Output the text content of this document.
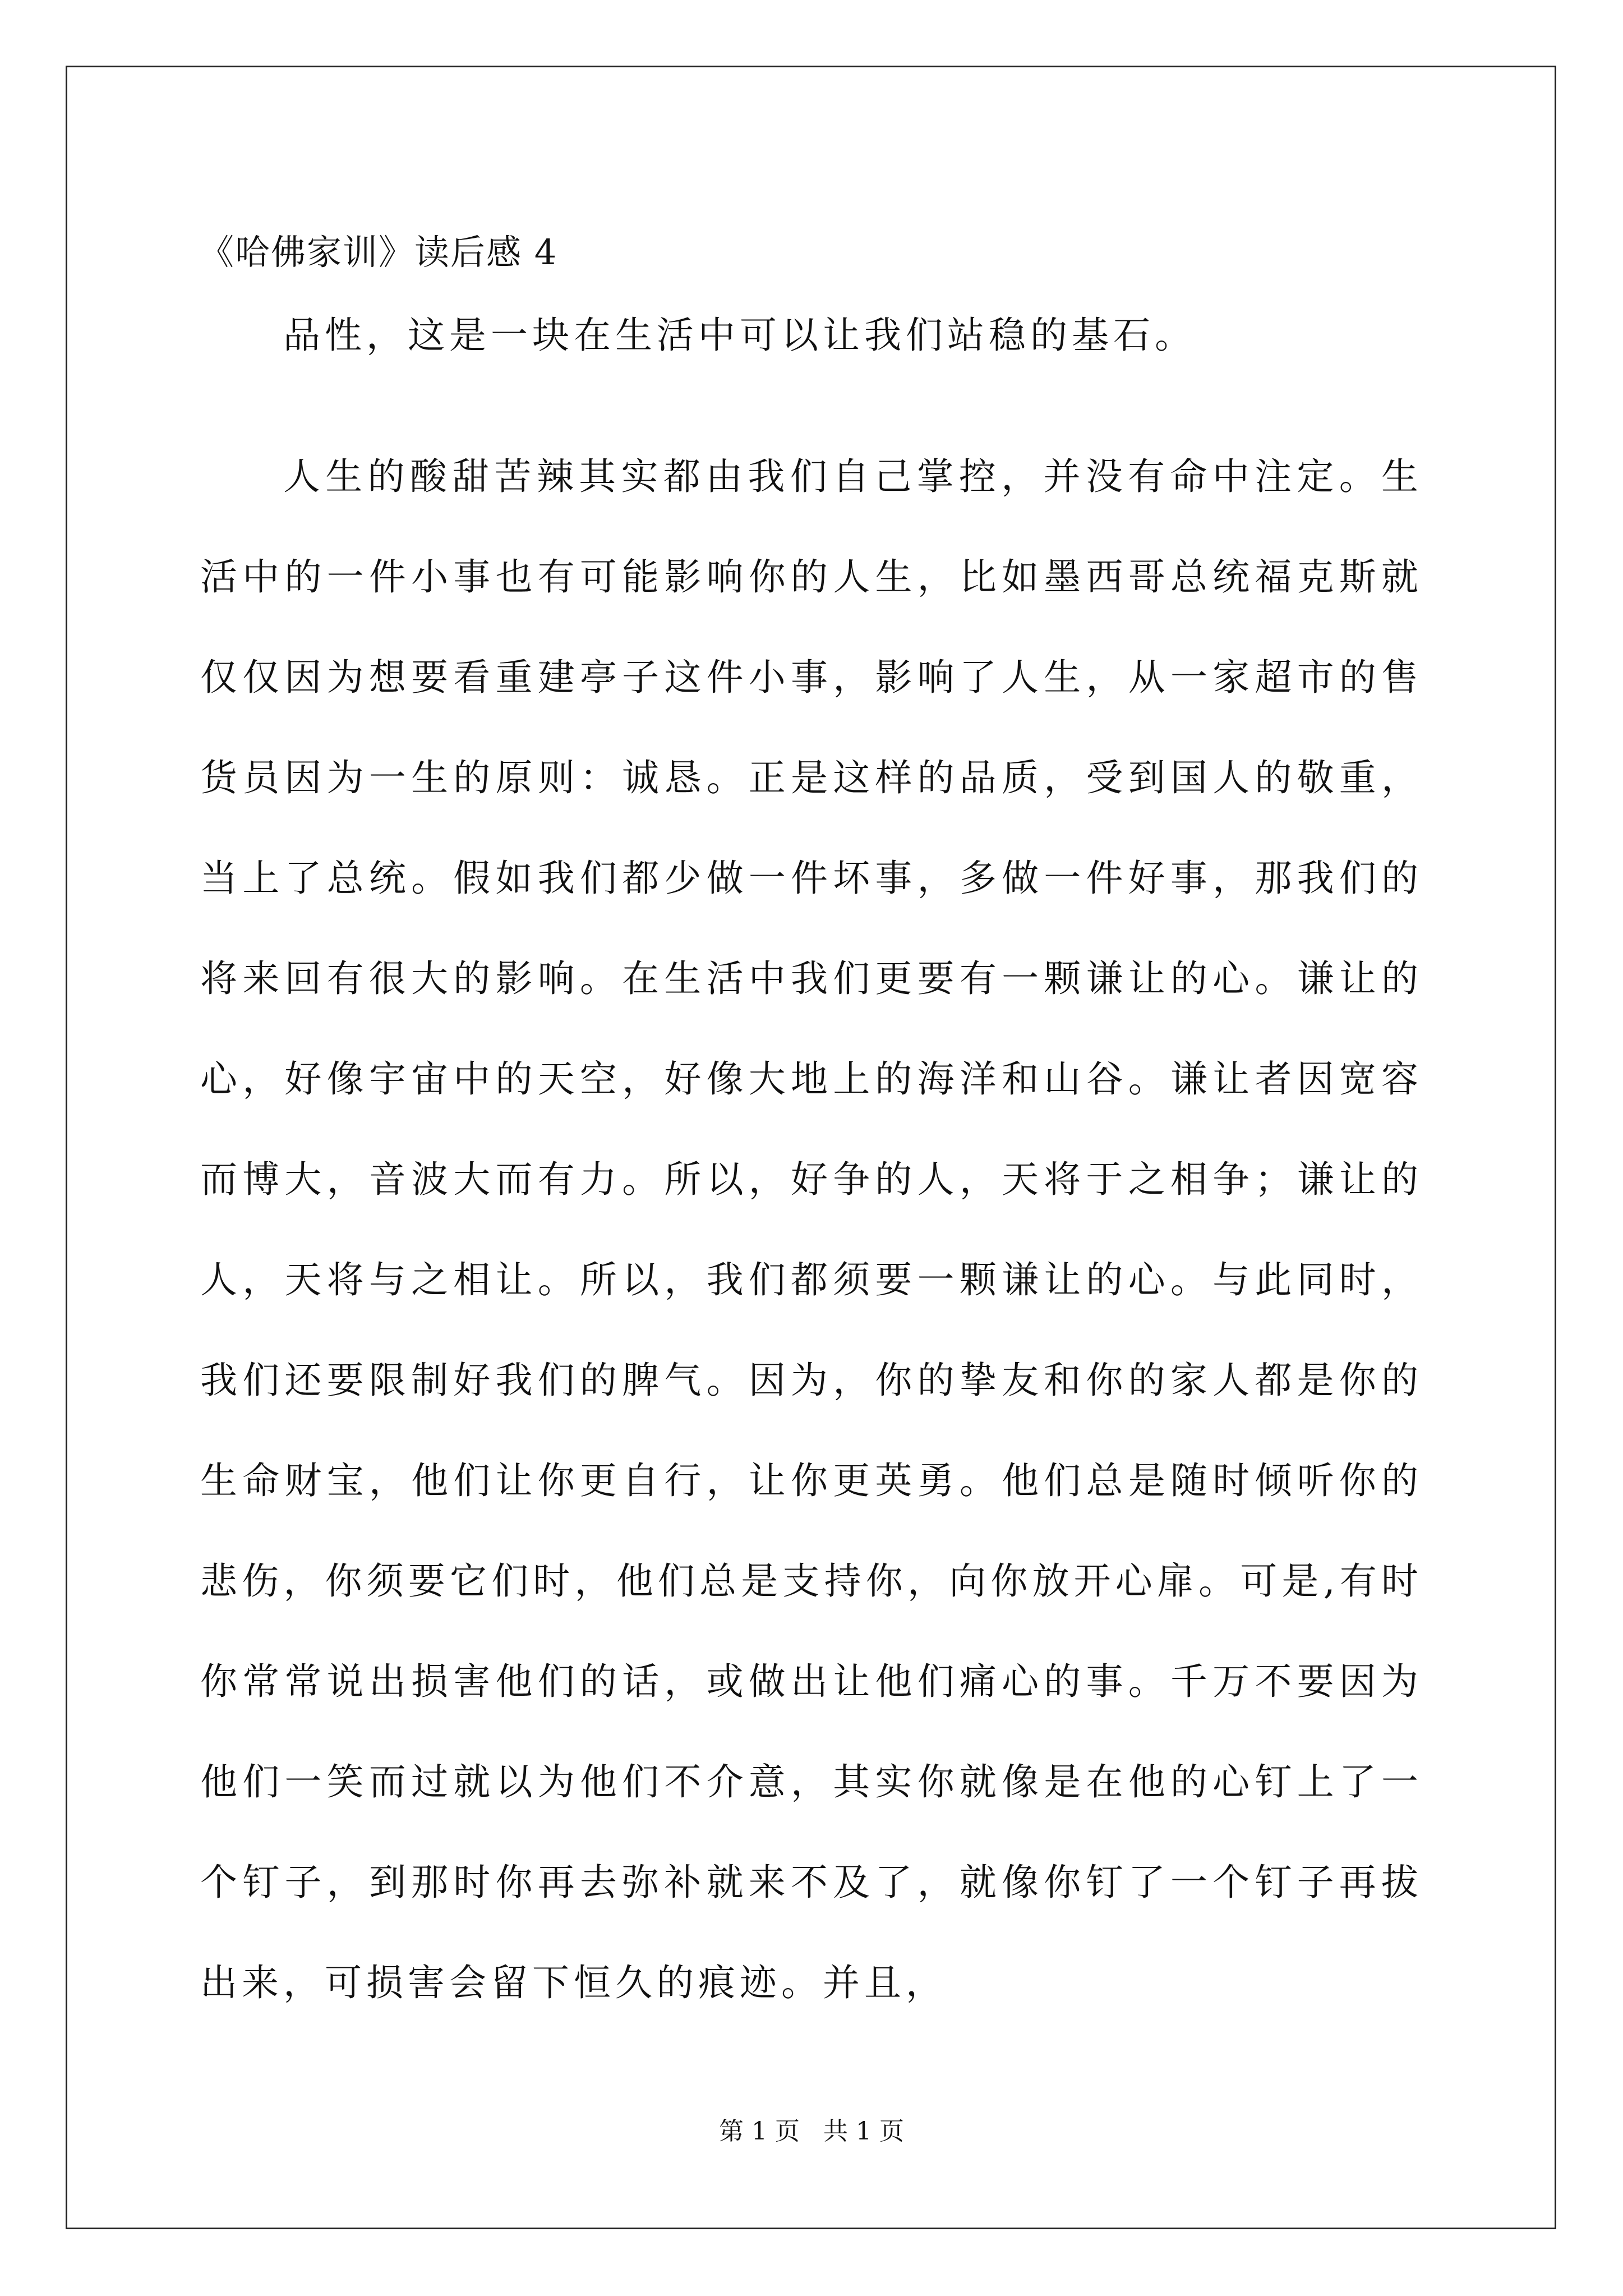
《哈佛家训》读后感 4

品性，这是一块在生活中可以让我们站稳的基石。

人生的酸甜苦辣其实都由我们自己掌控，并没有命中注定。生活中的一件小事也有可能影响你的人生，比如墨西哥总统福克斯就仅仅因为想要看重建亭子这件小事，影响了人生，从一家超市的售货员因为一生的原则：诚恳。正是这样的品质，受到国人的敬重，当上了总统。假如我们都少做一件坏事，多做一件好事，那我们的将来回有很大的影响。在生活中我们更要有一颗谦让的心。谦让的心，好像宇宙中的天空，好像大地上的海洋和山谷。谦让者因宽容而博大，音波大而有力。所以，好争的人，天将于之相争；谦让的人，天将与之相让。所以，我们都须要一颗谦让的心。与此同时，我们还要限制好我们的脾气。因为，你的挚友和你的家人都是你的生命财宝，他们让你更自行，让你更英勇。他们总是随时倾听你的悲伤，你须要它们时，他们总是支持你，向你放开心扉。可是,有时你常常说出损害他们的话，或做出让他们痛心的事。千万不要因为他们一笑而过就以为他们不介意，其实你就像是在他的心钉上了一个钉子，到那时你再去弥补就来不及了，就像你钉了一个钉子再拔出来，可损害会留下恒久的痕迹。并且，

第 1 页   共 1 页
